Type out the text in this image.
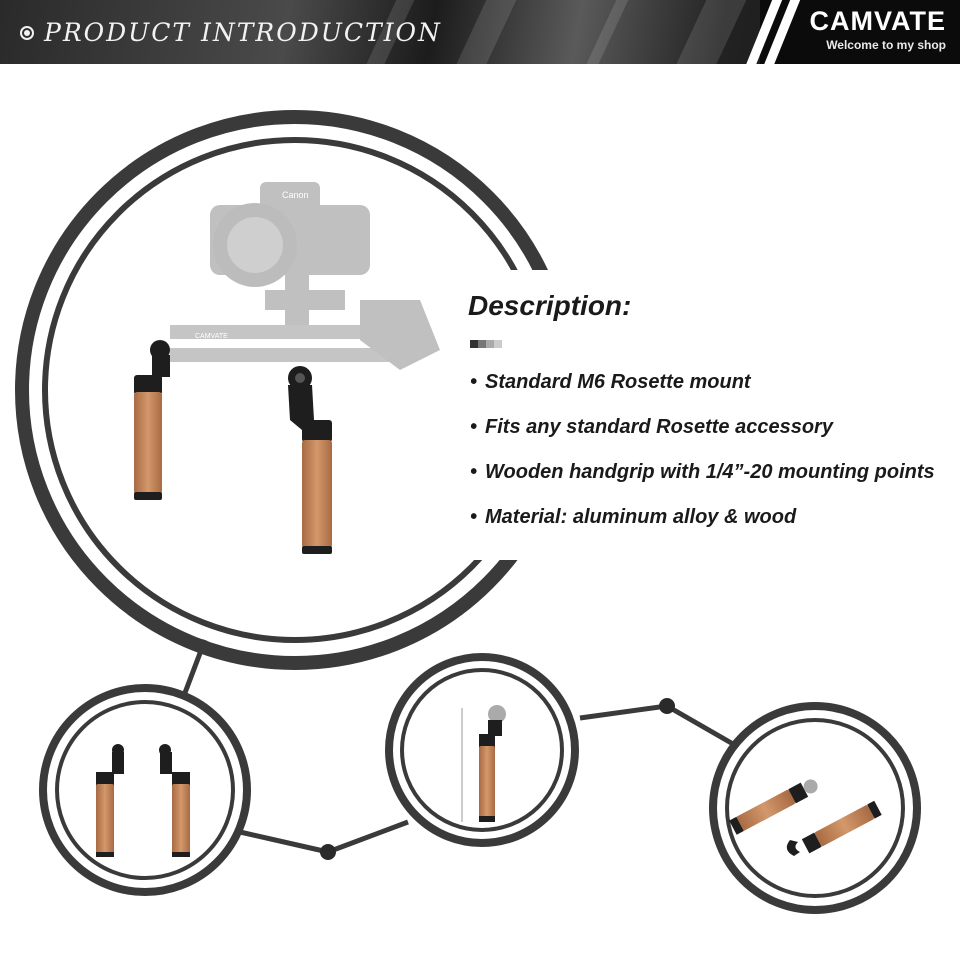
PRODUCT INTRODUCTION	CAMVATE
Welcome to my shop
Canon
CAMVATE
Description:
• Standard M6 Rosette mount
• Fits any standard Rosette accessory
• Wooden handgrip with 1/4”-20 mounting points
• Material: aluminum alloy & wood
